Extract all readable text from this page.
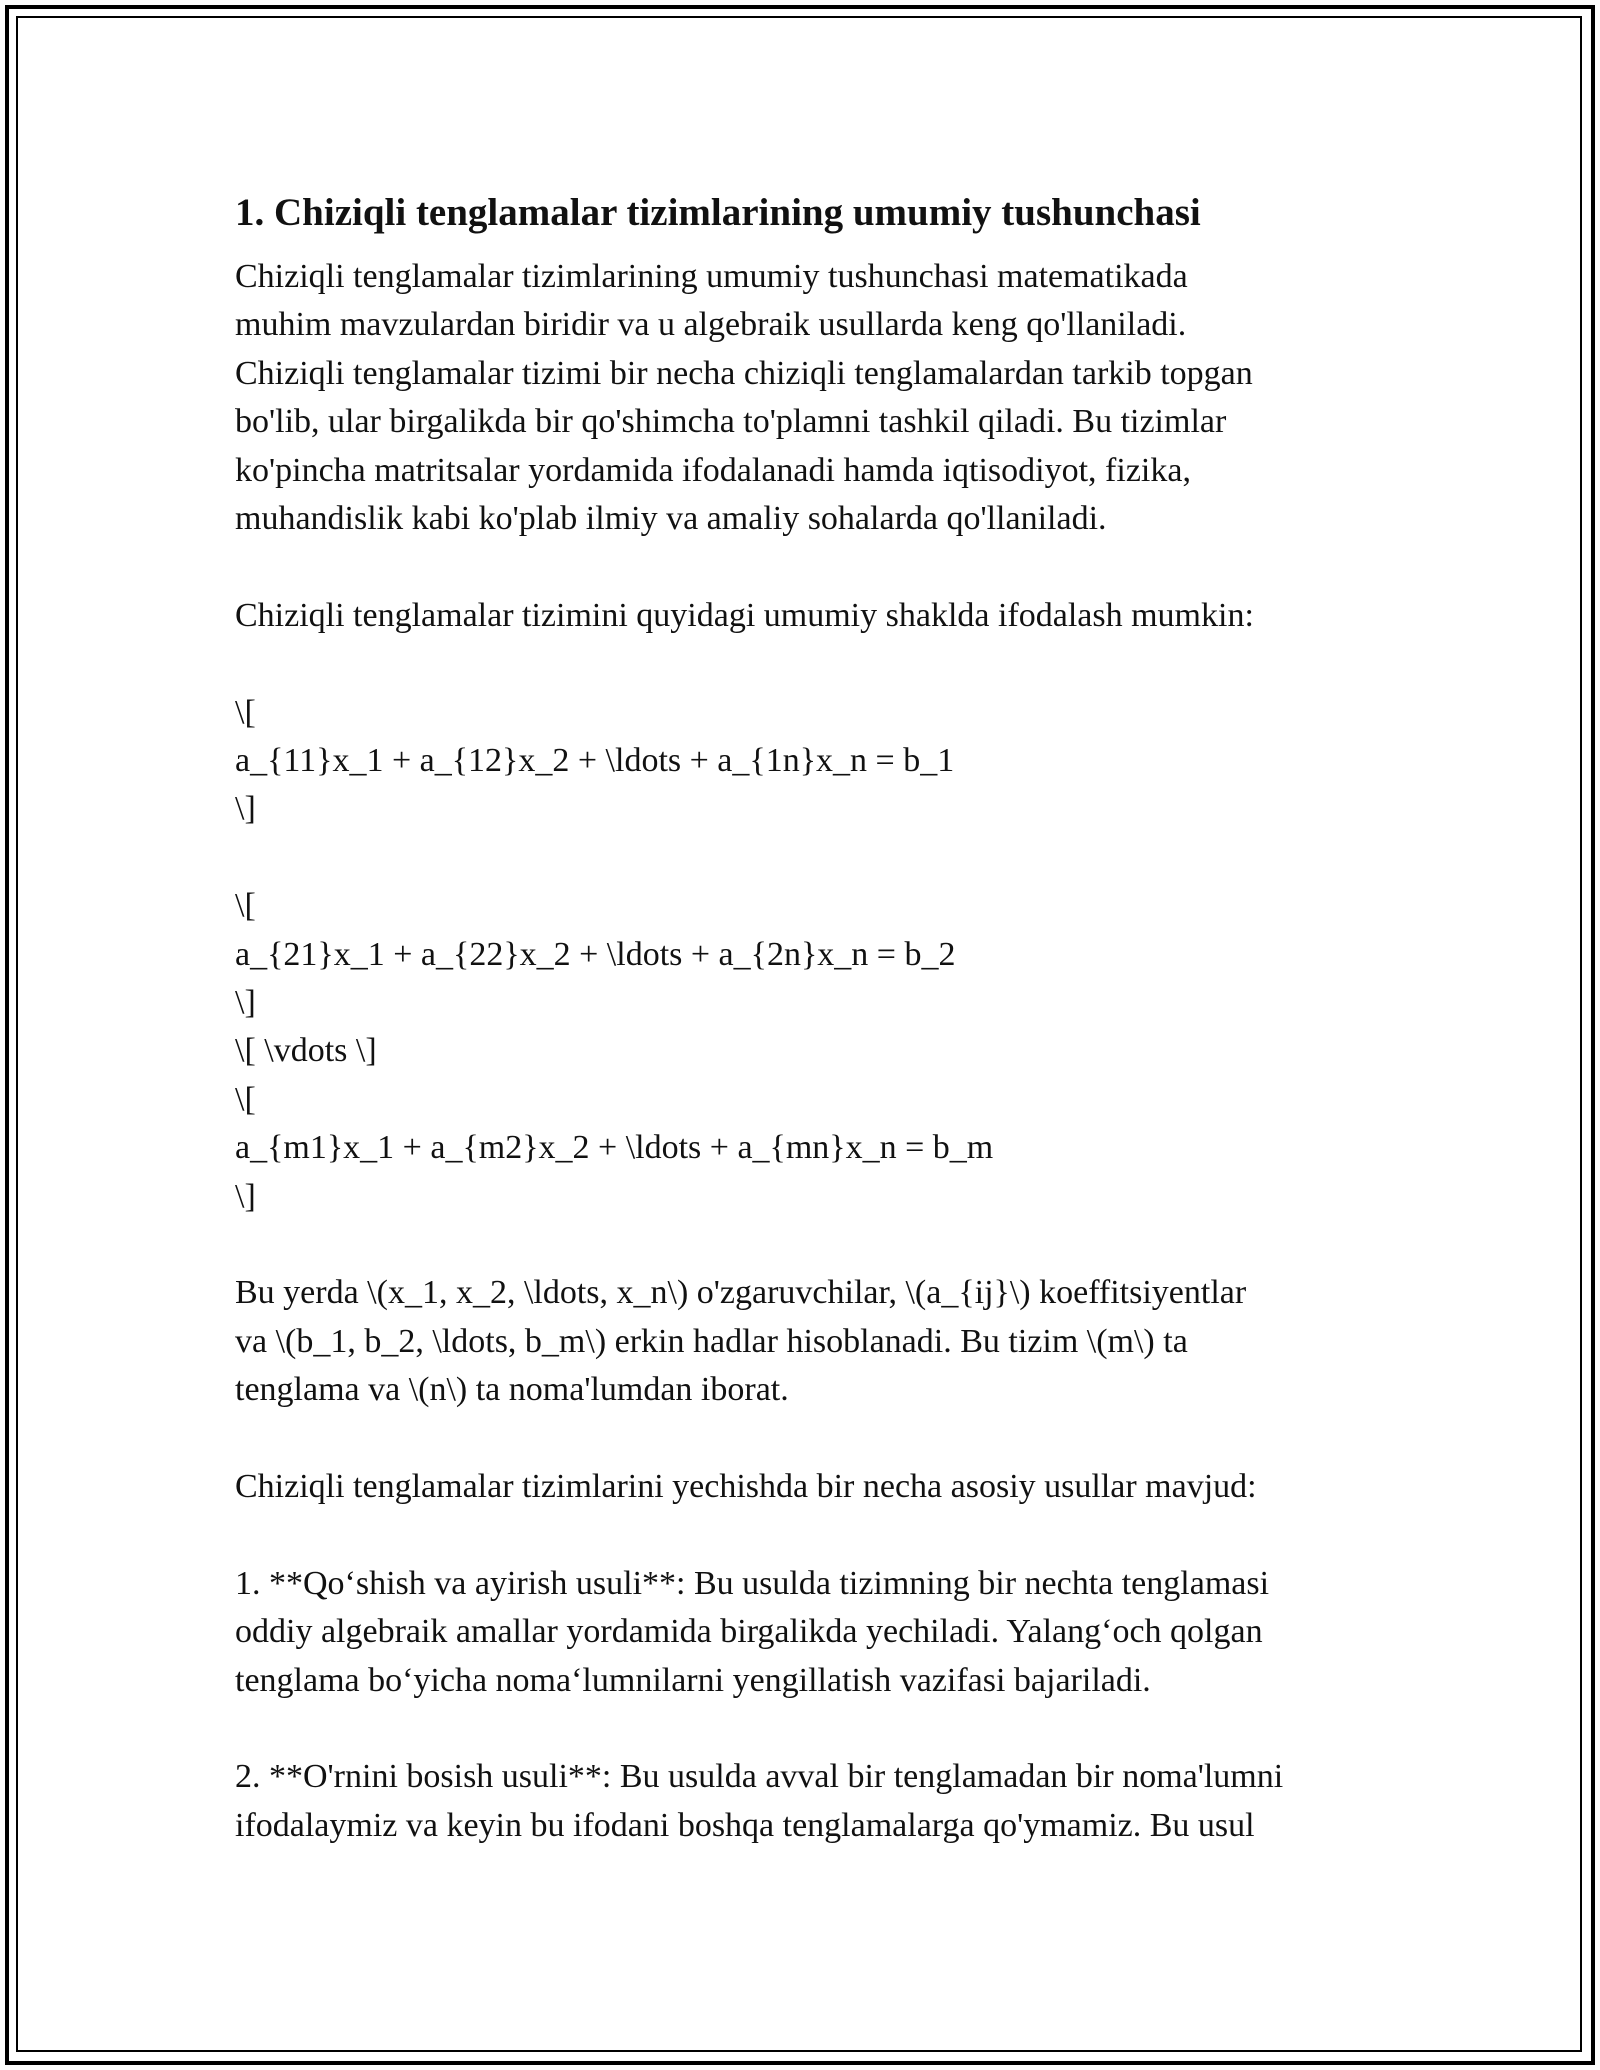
1. Chiziqli tenglamalar tizimlarining umumiy tushunchasi
Chiziqli tenglamalar tizimlarining umumiy tushunchasi matematikada
muhim mavzulardan biridir va u algebraik usullarda keng qo'llaniladi.
Chiziqli tenglamalar tizimi bir necha chiziqli tenglamalardan tarkib topgan
bo'lib, ular birgalikda bir qo'shimcha to'plamni tashkil qiladi. Bu tizimlar
ko'pincha matritsalar yordamida ifodalanadi hamda iqtisodiyot, fizika,
muhandislik kabi ko'plab ilmiy va amaliy sohalarda qo'llaniladi.
Chiziqli tenglamalar tizimini quyidagi umumiy shaklda ifodalash mumkin:
\[
a_{11}x_1 + a_{12}x_2 + \ldots + a_{1n}x_n = b_1
\]
\[
a_{21}x_1 + a_{22}x_2 + \ldots + a_{2n}x_n = b_2
\]
\[ \vdots \]
\[
a_{m1}x_1 + a_{m2}x_2 + \ldots + a_{mn}x_n = b_m
\]
Bu yerda \(x_1, x_2, \ldots, x_n\) o'zgaruvchilar, \(a_{ij}\) koeffitsiyentlar
va \(b_1, b_2, \ldots, b_m\) erkin hadlar hisoblanadi. Bu tizim \(m\) ta
tenglama va \(n\) ta noma'lumdan iborat.
Chiziqli tenglamalar tizimlarini yechishda bir necha asosiy usullar mavjud:
1. **Qo‘shish va ayirish usuli**: Bu usulda tizimning bir nechta tenglamasi
oddiy algebraik amallar yordamida birgalikda yechiladi. Yalang‘och qolgan
tenglama bo‘yicha noma‘lumnilarni yengillatish vazifasi bajariladi.
2. **O'rnini bosish usuli**: Bu usulda avval bir tenglamadan bir noma'lumni
ifodalaymiz va keyin bu ifodani boshqa tenglamalarga qo'ymamiz. Bu usul
